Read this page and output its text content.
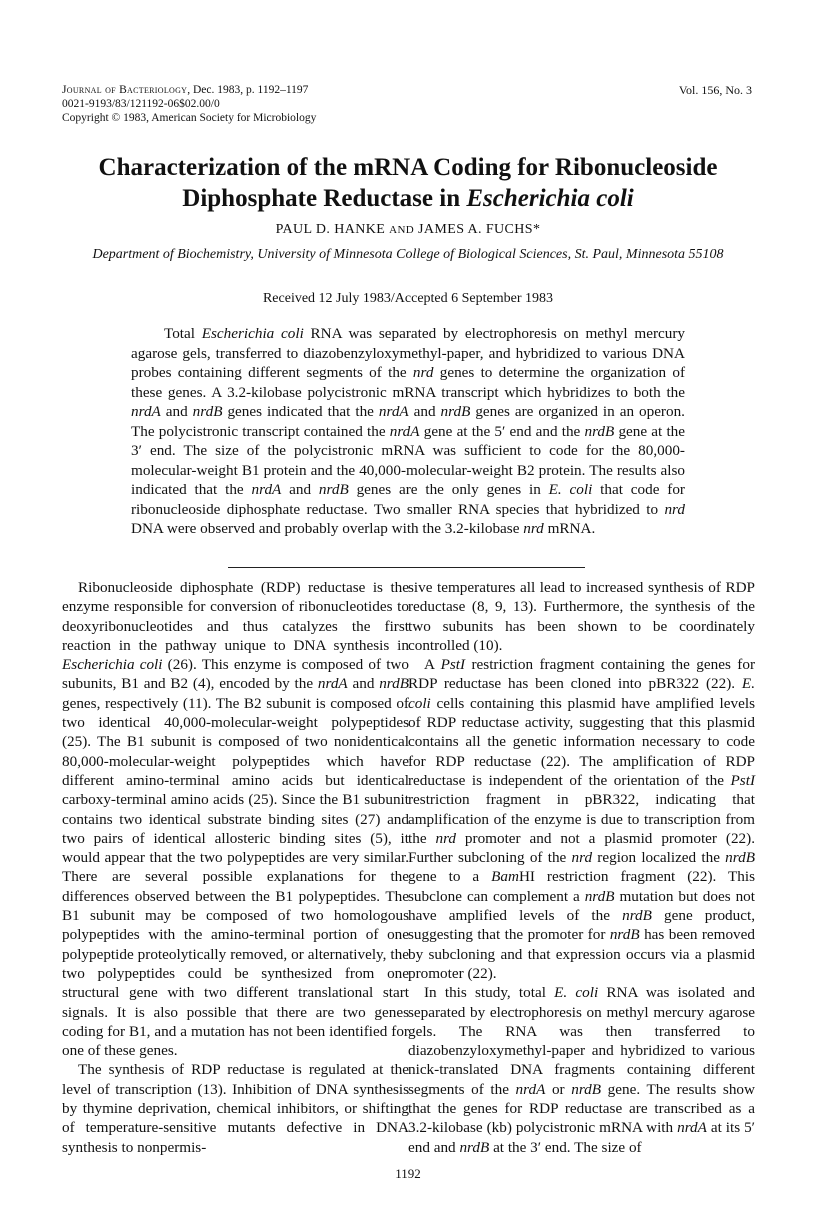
Journal of Bacteriology, Dec. 1983, p. 1192–1197
0021-9193/83/121192-06$02.00/0
Copyright © 1983, American Society for Microbiology
Vol. 156, No. 3
Characterization of the mRNA Coding for Ribonucleoside Diphosphate Reductase in Escherichia coli
PAUL D. HANKE AND JAMES A. FUCHS*
Department of Biochemistry, University of Minnesota College of Biological Sciences, St. Paul, Minnesota 55108
Received 12 July 1983/Accepted 6 September 1983

Total Escherichia coli RNA was separated by electrophoresis on methyl mercury agarose gels, transferred to diazobenzyloxymethyl-paper, and hybridized to various DNA probes containing different segments of the nrd genes to determine the organization of these genes. A 3.2-kilobase polycistronic mRNA transcript which hybridizes to both the nrdA and nrdB genes indicated that the nrdA and nrdB genes are organized in an operon. The polycistronic transcript contained the nrdA gene at the 5′ end and the nrdB gene at the 3′ end. The size of the polycistronic mRNA was sufficient to code for the 80,000-molecular-weight B1 protein and the 40,000-molecular-weight B2 protein. The results also indicated that the nrdA and nrdB genes are the only genes in E. coli that code for ribonucleoside diphosphate reductase. Two smaller RNA species that hybridized to nrd DNA were observed and probably overlap with the 3.2-kilobase nrd mRNA.

Ribonucleoside diphosphate (RDP) reductase is the enzyme responsible for conversion of ribonucleotides to deoxyribonucleotides and thus catalyzes the first reaction in the pathway unique to DNA synthesis in Escherichia coli (26). This enzyme is composed of two subunits, B1 and B2 (4), encoded by the nrdA and nrdB genes, respectively (11). The B2 subunit is composed of two identical 40,000-molecular-weight polypeptides (25). The B1 subunit is composed of two nonidentical 80,000-molecular-weight polypeptides which have different amino-terminal amino acids but identical carboxy-terminal amino acids (25). Since the B1 subunit contains two identical substrate binding sites (27) and two pairs of identical allosteric binding sites (5), it would appear that the two polypeptides are very similar. There are several possible explanations for the differences observed between the B1 polypeptides. The B1 subunit may be composed of two homologous polypeptides with the amino-terminal portion of one polypeptide proteolytically removed, or alternatively, the two polypeptides could be synthesized from one structural gene with two different translational start signals. It is also possible that there are two genes coding for B1, and a mutation has not been identified for one of these genes.

The synthesis of RDP reductase is regulated at the level of transcription (13). Inhibition of DNA synthesis by thymine deprivation, chemical inhibitors, or shifting of temperature-sensitive mutants defective in DNA synthesis to nonpermis-

sive temperatures all lead to increased synthesis of RDP reductase (8, 9, 13). Furthermore, the synthesis of the two subunits has been shown to be coordinately controlled (10).

A PstI restriction fragment containing the genes for RDP reductase has been cloned into pBR322 (22). E. coli cells containing this plasmid have amplified levels of RDP reductase activity, suggesting that this plasmid contains all the genetic information necessary to code for RDP reductase (22). The amplification of RDP reductase is independent of the orientation of the PstI restriction fragment in pBR322, indicating that amplification of the enzyme is due to transcription from the nrd promoter and not a plasmid promoter (22). Further subcloning of the nrd region localized the nrdB gene to a BamHI restriction fragment (22). This subclone can complement a nrdB mutation but does not have amplified levels of the nrdB gene product, suggesting that the promoter for nrdB has been removed by subcloning and that expression occurs via a plasmid promoter (22).

In this study, total E. coli RNA was isolated and separated by electrophoresis on methyl mercury agarose gels. The RNA was then transferred to diazobenzyloxymethyl-paper and hybridized to various nick-translated DNA fragments containing different segments of the nrdA or nrdB gene. The results show that the genes for RDP reductase are transcribed as a 3.2-kilobase (kb) polycistronic mRNA with nrdA at its 5′ end and nrdB at the 3′ end. The size of

1192
